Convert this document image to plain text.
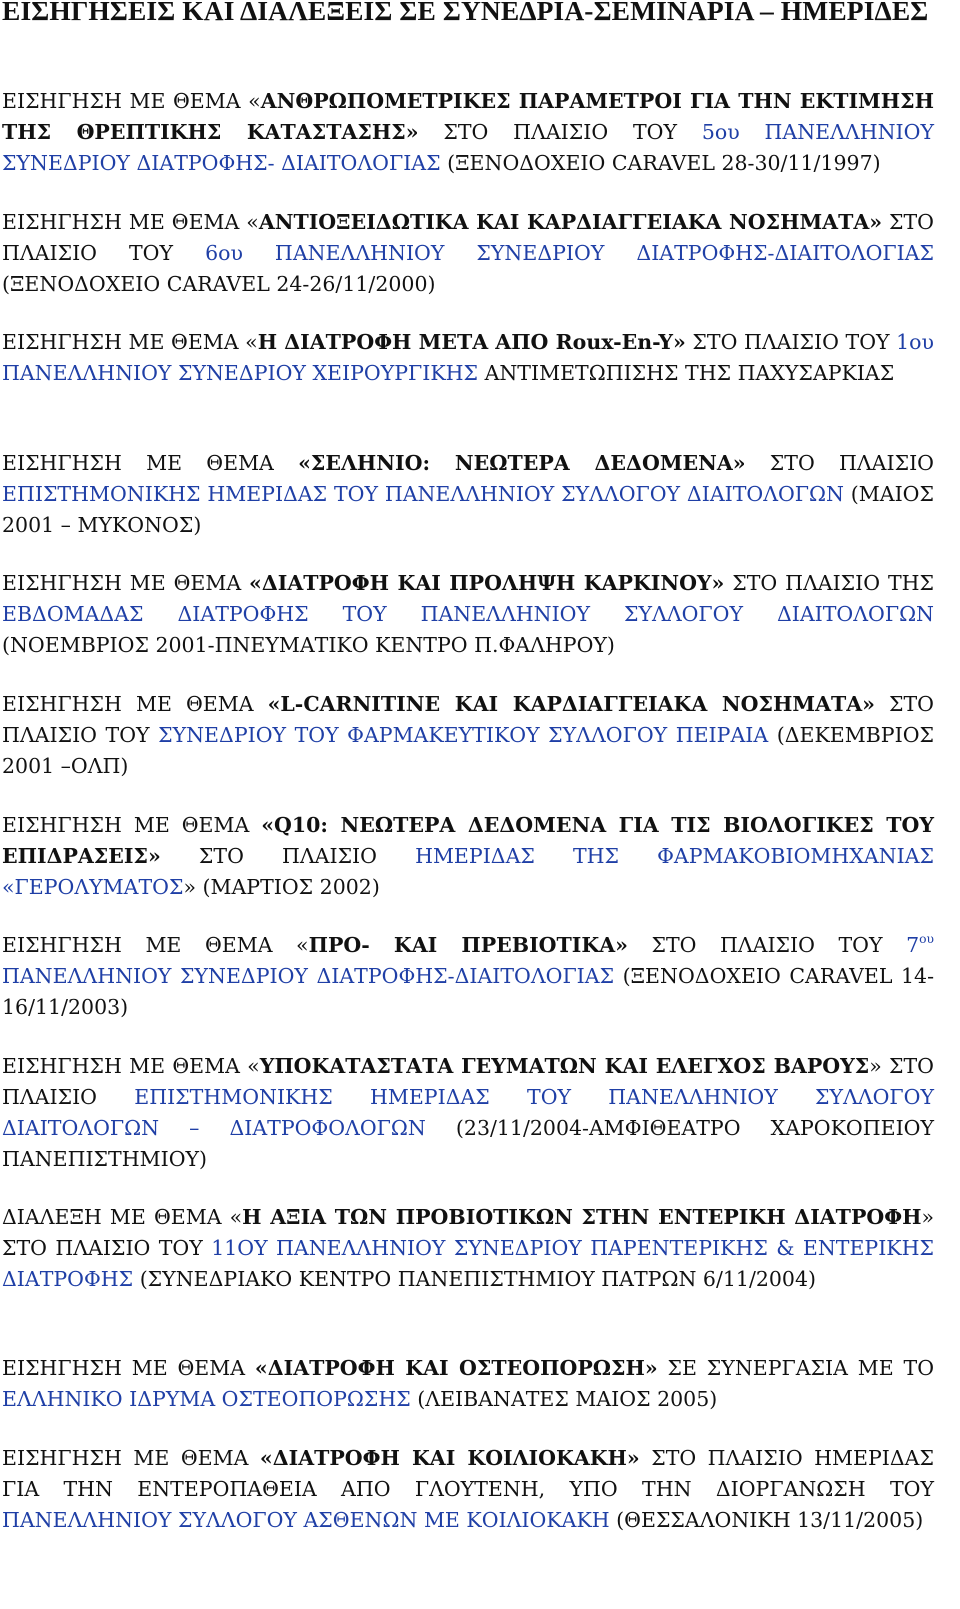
ΕΙΣΗΓΗΣΕΙΣ ΚΑΙ ΔΙΑΛΕΞΕΙΣ ΣΕ ΣΥΝΕΔΡΙΑ-ΣΕΜΙΝΑΡΙΑ – ΗΜΕΡΙΔΕΣ

ΕΙΣΗΓΗΣΗ ΜΕ ΘΕΜΑ «ΑΝΘΡΩΠΟΜΕΤΡΙΚΕΣ ΠΑΡΑΜΕΤΡΟΙ ΓΙΑ ΤΗΝ ΕΚΤΙΜΗΣΗ ΤΗΣ ΘΡΕΠΤΙΚΗΣ ΚΑΤΑΣΤΑΣΗΣ» ΣΤΟ ΠΛΑΙΣΙΟ ΤΟΥ 5ου ΠΑΝΕΛΛΗΝΙΟΥ ΣΥΝΕΔΡΙΟΥ ΔΙΑΤΡΟΦΗΣ- ΔΙΑΙΤΟΛΟΓΙΑΣ (ΞΕΝΟΔΟΧΕΙΟ CARAVEL 28-30/11/1997)

ΕΙΣΗΓΗΣΗ ΜΕ ΘΕΜΑ «ΑΝΤΙΟΞΕΙΔΩΤΙΚΑ ΚΑΙ ΚΑΡΔΙΑΓΓΕΙΑΚΑ ΝΟΣΗΜΑΤΑ» ΣΤΟ ΠΛΑΙΣΙΟ ΤΟΥ 6ου ΠΑΝΕΛΛΗΝΙΟΥ ΣΥΝΕΔΡΙΟΥ ΔΙΑΤΡΟΦΗΣ-ΔΙΑΙΤΟΛΟΓΙΑΣ (ΞΕΝΟΔΟΧΕΙΟ CARAVEL 24-26/11/2000)

ΕΙΣΗΓΗΣΗ ΜΕ ΘΕΜΑ «Η ΔΙΑΤΡΟΦΗ ΜΕΤΑ ΑΠΟ Roux-En-Y» ΣΤΟ ΠΛΑΙΣΙΟ ΤΟΥ 1ου ΠΑΝΕΛΛΗΝΙΟΥ ΣΥΝΕΔΡΙΟΥ ΧΕΙΡΟΥΡΓΙΚΗΣ ΑΝΤΙΜΕΤΩΠΙΣΗΣ ΤΗΣ ΠΑΧΥΣΑΡΚΙΑΣ

ΕΙΣΗΓΗΣΗ ΜΕ ΘΕΜΑ «ΣΕΛΗΝΙΟ: ΝΕΩΤΕΡΑ ΔΕΔΟΜΕΝΑ» ΣΤΟ ΠΛΑΙΣΙΟ ΕΠΙΣΤΗΜΟΝΙΚΗΣ ΗΜΕΡΙΔΑΣ ΤΟΥ ΠΑΝΕΛΛΗΝΙΟΥ ΣΥΛΛΟΓΟΥ ΔΙΑΙΤΟΛΟΓΩΝ (ΜΑΙΟΣ 2001 – ΜΥΚΟΝΟΣ)

ΕΙΣΗΓΗΣΗ ΜΕ ΘΕΜΑ «ΔΙΑΤΡΟΦΗ ΚΑΙ ΠΡΟΛΗΨΗ ΚΑΡΚΙΝΟΥ» ΣΤΟ ΠΛΑΙΣΙΟ ΤΗΣ ΕΒΔΟΜΑΔΑΣ ΔΙΑΤΡΟΦΗΣ ΤΟΥ ΠΑΝΕΛΛΗΝΙΟΥ ΣΥΛΛΟΓΟΥ ΔΙΑΙΤΟΛΟΓΩΝ (ΝΟΕΜΒΡΙΟΣ 2001-ΠΝΕΥΜΑΤΙΚΟ ΚΕΝΤΡΟ Π.ΦΑΛΗΡΟΥ)

ΕΙΣΗΓΗΣΗ ΜΕ ΘΕΜΑ «L-CARNITINE ΚΑΙ ΚΑΡΔΙΑΓΓΕΙΑΚΑ ΝΟΣΗΜΑΤΑ» ΣΤΟ ΠΛΑΙΣΙΟ ΤΟΥ ΣΥΝΕΔΡΙΟΥ ΤΟΥ ΦΑΡΜΑΚΕΥΤΙΚΟΥ ΣΥΛΛΟΓΟΥ ΠΕΙΡΑΙΑ (ΔΕΚΕΜΒΡΙΟΣ 2001 –ΟΛΠ)

ΕΙΣΗΓΗΣΗ ΜΕ ΘΕΜΑ «Q10: ΝΕΩΤΕΡΑ ΔΕΔΟΜΕΝΑ ΓΙΑ ΤΙΣ ΒΙΟΛΟΓΙΚΕΣ ΤΟΥ ΕΠΙΔΡΑΣΕΙΣ» ΣΤΟ ΠΛΑΙΣΙΟ ΗΜΕΡΙΔΑΣ ΤΗΣ ΦΑΡΜΑΚΟΒΙΟΜΗΧΑΝΙΑΣ «ΓΕΡΟΛΥΜΑΤΟΣ» (ΜΑΡΤΙΟΣ 2002)

ΕΙΣΗΓΗΣΗ ΜΕ ΘΕΜΑ «ΠΡΟ- ΚΑΙ ΠΡΕΒΙΟΤΙΚΑ» ΣΤΟ ΠΛΑΙΣΙΟ ΤΟΥ $7^{o\upsilon}$ ΠΑΝΕΛΛΗΝΙΟΥ ΣΥΝΕΔΡΙΟΥ ΔΙΑΤΡΟΦΗΣ-ΔΙΑΙΤΟΛΟΓΙΑΣ (ΞΕΝΟΔΟΧΕΙΟ CARAVEL 14-16/11/2003)

ΕΙΣΗΓΗΣΗ ΜΕ ΘΕΜΑ «ΥΠΟΚΑΤΑΣΤΑΤΑ ΓΕΥΜΑΤΩΝ ΚΑΙ ΕΛΕΓΧΟΣ ΒΑΡΟΥΣ» ΣΤΟ ΠΛΑΙΣΙΟ ΕΠΙΣΤΗΜΟΝΙΚΗΣ ΗΜΕΡΙΔΑΣ ΤΟΥ ΠΑΝΕΛΛΗΝΙΟΥ ΣΥΛΛΟΓΟΥ ΔΙΑΙΤΟΛΟΓΩΝ – ΔΙΑΤΡΟΦΟΛΟΓΩΝ (23/11/2004-ΑΜΦΙΘΕΑΤΡΟ ΧΑΡΟΚΟΠΕΙΟΥ ΠΑΝΕΠΙΣΤΗΜΙΟΥ)

ΔΙΑΛΕΞΗ ΜΕ ΘΕΜΑ «Η ΑΞΙΑ ΤΩΝ ΠΡΟΒΙΟΤΙΚΩΝ ΣΤΗΝ ΕΝΤΕΡΙΚΗ ΔΙΑΤΡΟΦΗ» ΣΤΟ ΠΛΑΙΣΙΟ ΤΟΥ 11ΟΥ ΠΑΝΕΛΛΗΝΙΟΥ ΣΥΝΕΔΡΙΟΥ ΠΑΡΕΝΤΕΡΙΚΗΣ & ΕΝΤΕΡΙΚΗΣ ΔΙΑΤΡΟΦΗΣ (ΣΥΝΕΔΡΙΑΚΟ ΚΕΝΤΡΟ ΠΑΝΕΠΙΣΤΗΜΙΟΥ ΠΑΤΡΩΝ 6/11/2004)

ΕΙΣΗΓΗΣΗ ΜΕ ΘΕΜΑ «ΔΙΑΤΡΟΦΗ ΚΑΙ ΟΣΤΕΟΠΟΡΩΣΗ» ΣΕ ΣΥΝΕΡΓΑΣΙΑ ΜΕ ΤΟ ΕΛΛΗΝΙΚΟ ΙΔΡΥΜΑ ΟΣΤΕΟΠΟΡΩΣΗΣ (ΛΕΙΒΑΝΑΤΕΣ ΜΑΙΟΣ 2005)

ΕΙΣΗΓΗΣΗ ΜΕ ΘΕΜΑ «ΔΙΑΤΡΟΦΗ ΚΑΙ ΚΟΙΛΙΟΚΑΚΗ» ΣΤΟ ΠΛΑΙΣΙΟ ΗΜΕΡΙΔΑΣ ΓΙΑ ΤΗΝ ΕΝΤΕΡΟΠΑΘΕΙΑ ΑΠΟ ΓΛΟΥΤΕΝΗ, ΥΠΟ ΤΗΝ ΔΙΟΡΓΑΝΩΣΗ ΤΟΥ ΠΑΝΕΛΛΗΝΙΟΥ ΣΥΛΛΟΓΟΥ ΑΣΘΕΝΩΝ ΜΕ ΚΟΙΛΙΟΚΑΚΗ (ΘΕΣΣΑΛΟΝΙΚΗ 13/11/2005)
